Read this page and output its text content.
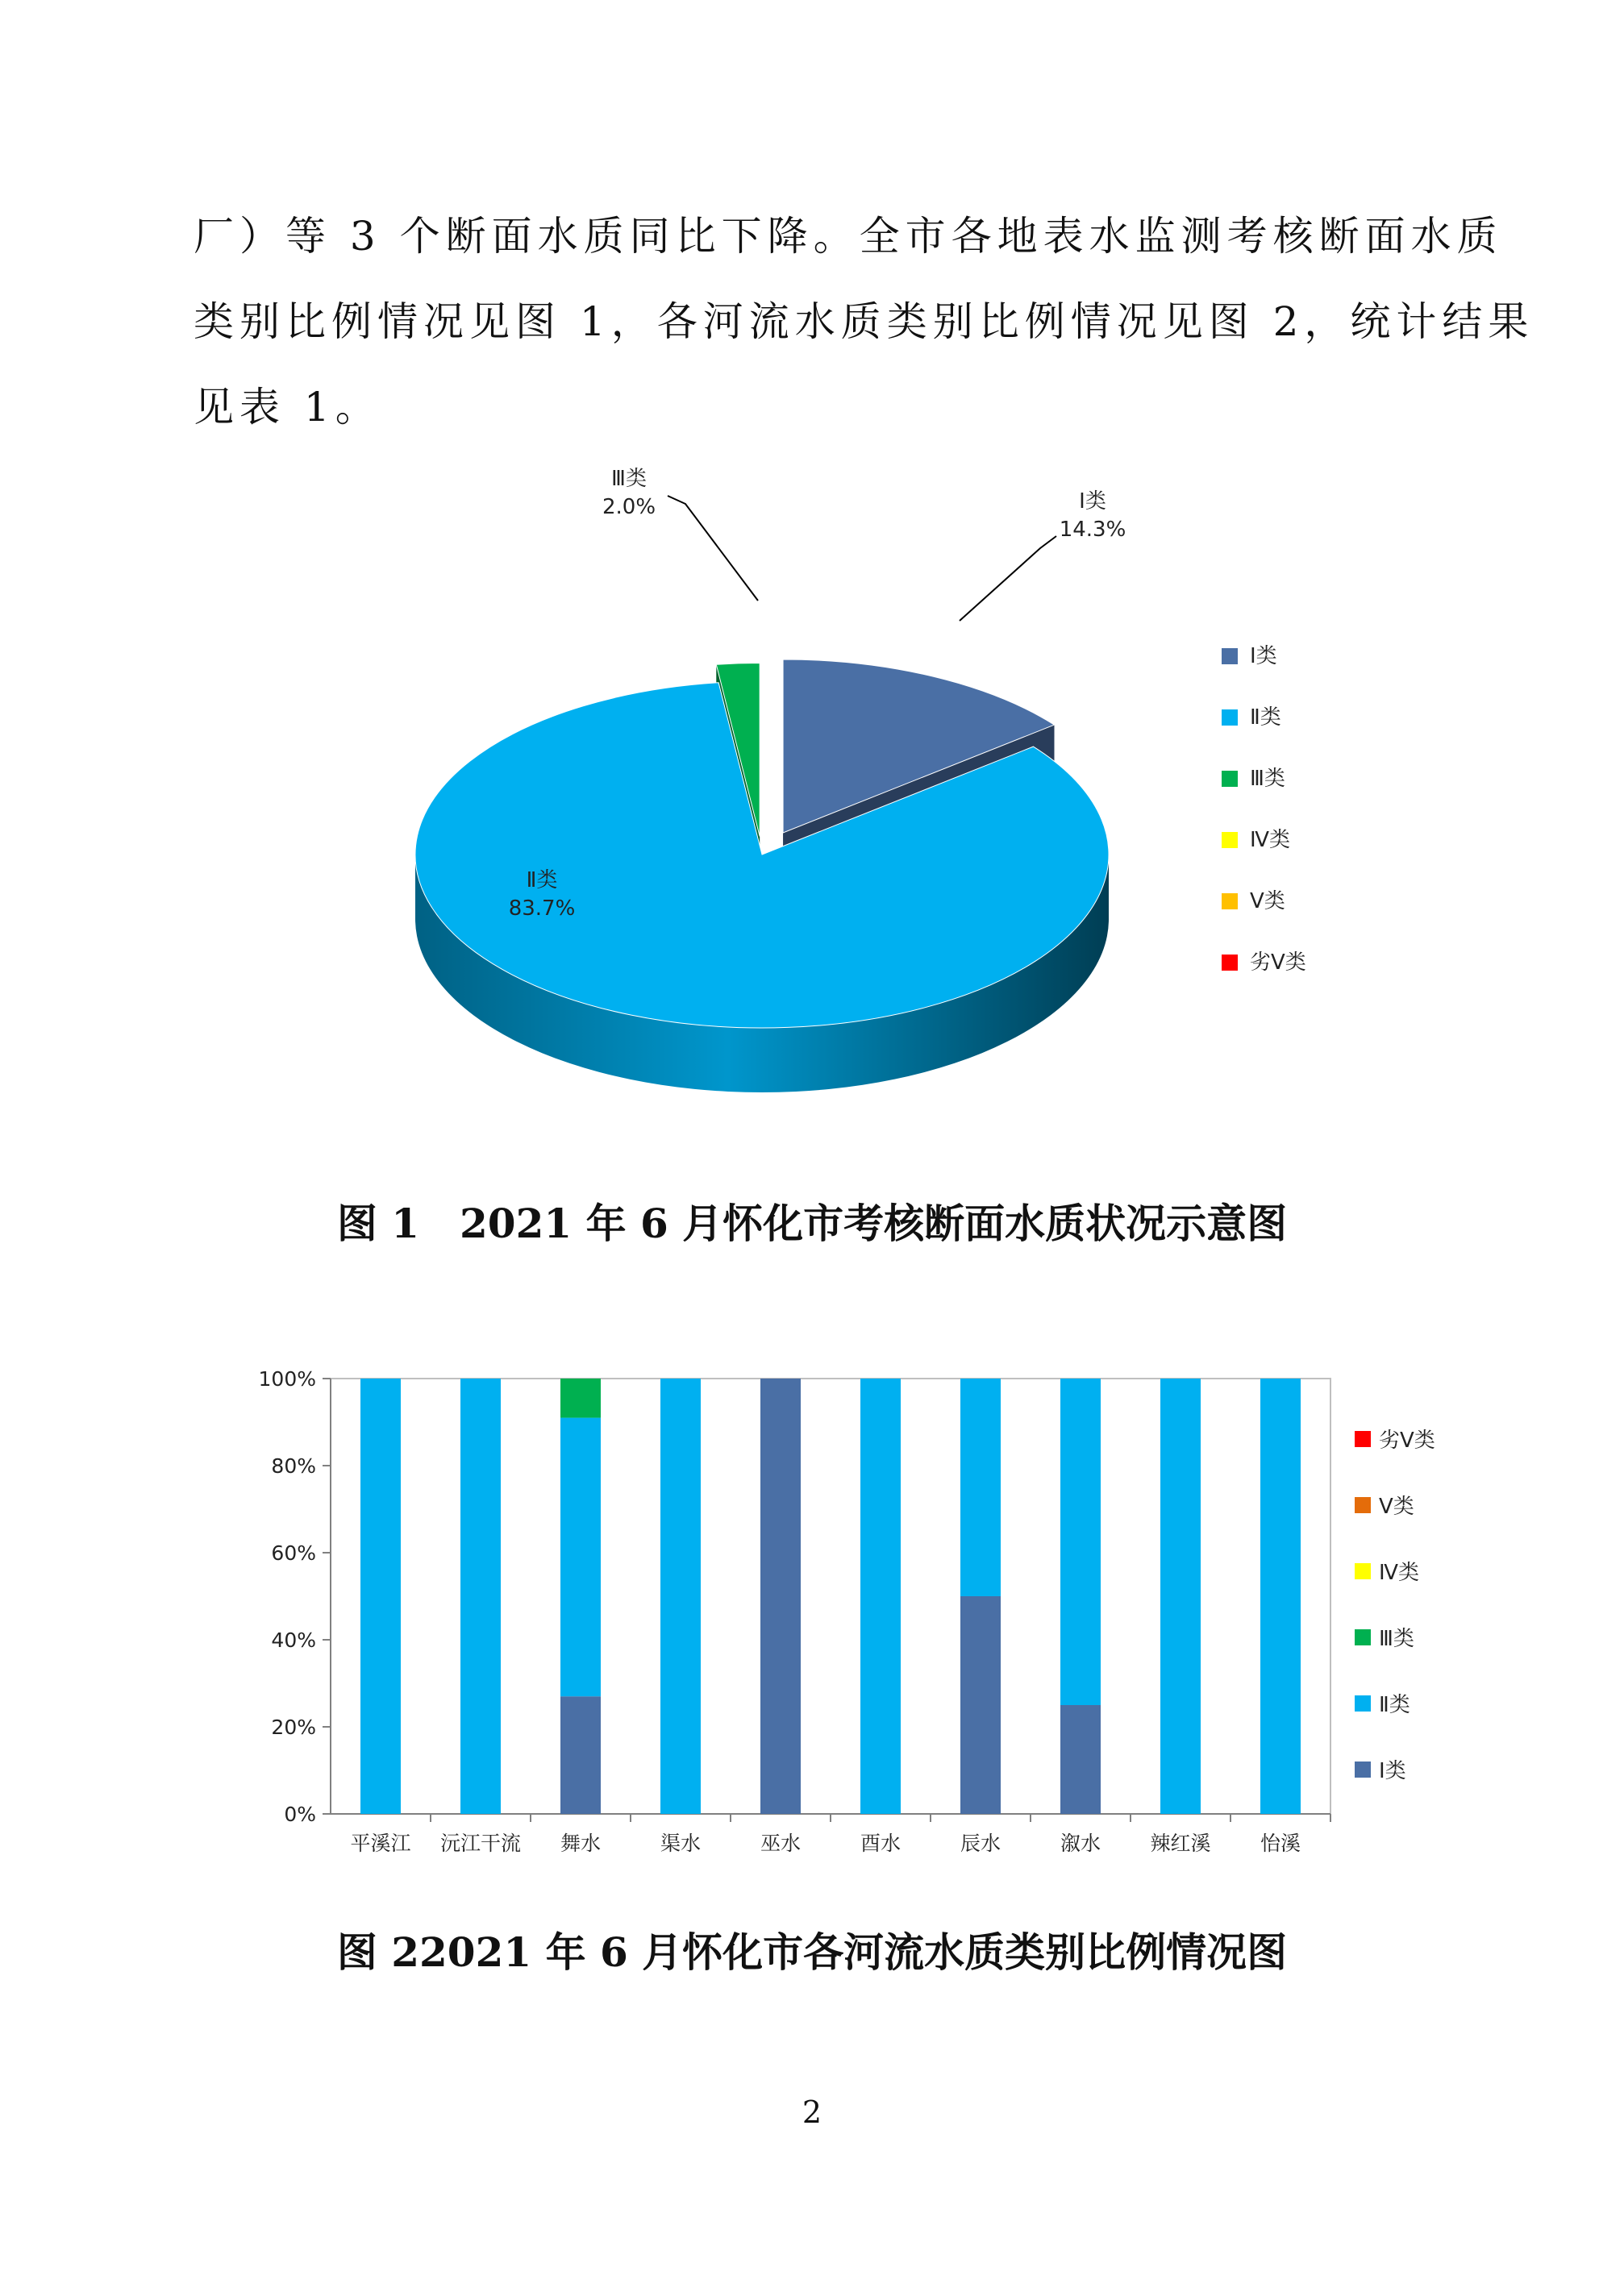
厂）等 3 个断面水质同比下降。全市各地表水监测考核断面水质
类别比例情况见图 1，各河流水质类别比例情况见图 2，统计结果
见表 1。
Ⅰ类
14.3%
Ⅲ类
2.0%
Ⅱ类
83.7%
Ⅰ类
Ⅱ类
Ⅲ类
Ⅳ类
Ⅴ类
劣Ⅴ类

图 1　2021 年 6 月怀化市考核断面水质状况示意图

0%
20%
40%
60%
80%
100%
平溪江 沅江干流 舞水	渠水	巫水	酉水	辰水	溆水 辣红溪 怡溪
劣Ⅴ类
Ⅴ类
Ⅳ类
Ⅲ类
Ⅱ类
Ⅰ类

图 22021 年 6 月怀化市各河流水质类别比例情况图

2
